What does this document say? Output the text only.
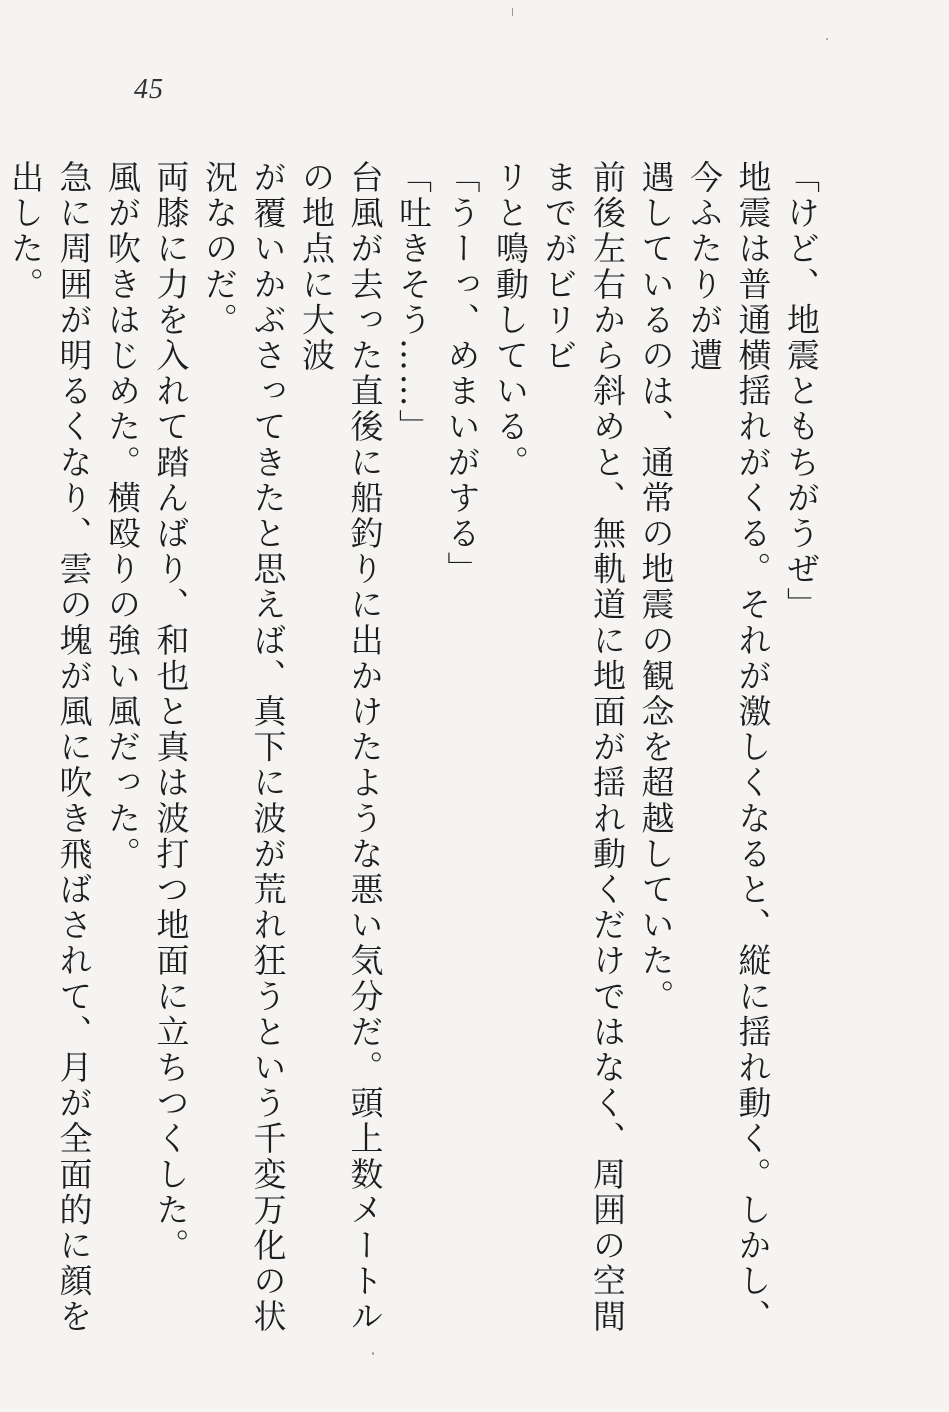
45

「けど、地震ともちがうぜ」

地震は普通横揺れがくる。それが激しくなると、縦に揺れ動く。しかし、今ふたりが遭

遇しているのは、通常の地震の観念を超越していた。

前後左右から斜めと、無軌道に地面が揺れ動くだけではなく、周囲の空間までがビリビ

リと鳴動している。

「うーっ、めまいがする」

「吐きそう……」

台風が去った直後に船釣りに出かけたような悪い気分だ。頭上数メートルの地点に大波

が覆いかぶさってきたと思えば、真下に波が荒れ狂うという千変万化の状況なのだ。

両膝に力を入れて踏んばり、和也と真は波打つ地面に立ちつくした。

風が吹きはじめた。横殴りの強い風だった。

急に周囲が明るくなり、雲の塊が風に吹き飛ばされて、月が全面的に顔を出した。
